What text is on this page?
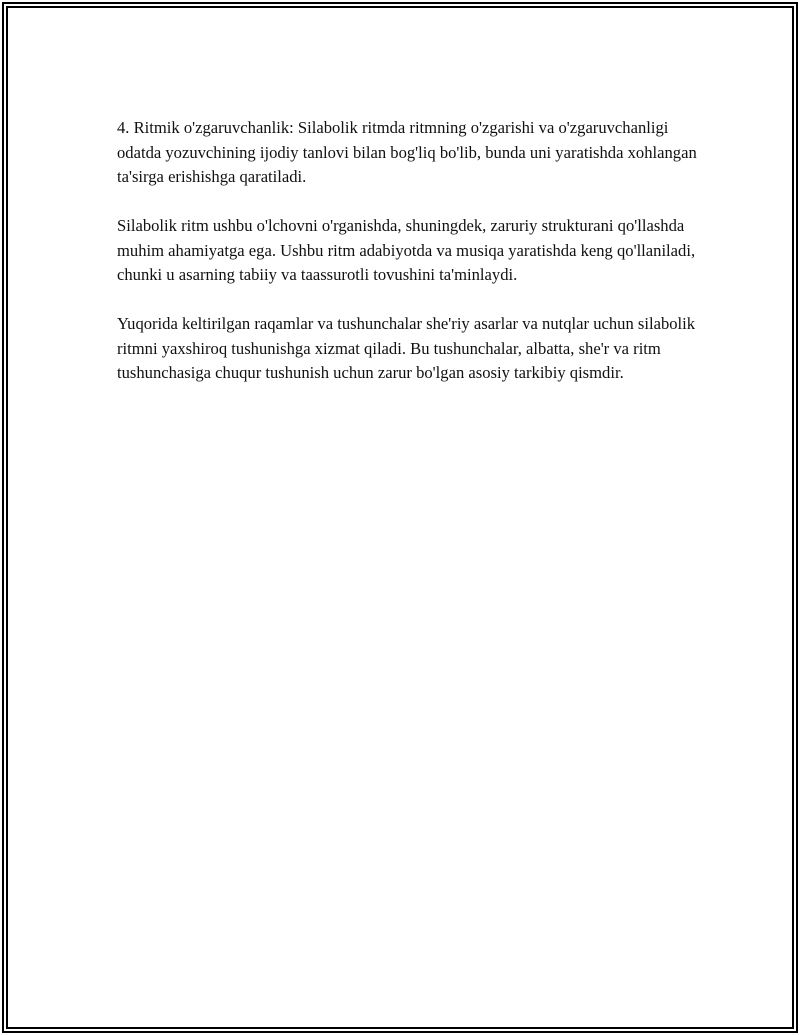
4. Ritmik o'zgaruvchanlik: Silabolik ritmda ritmning o'zgarishi va o'zgaruvchanligi odatda yozuvchining ijodiy tanlovi bilan bog'liq bo'lib, bunda uni yaratishda xohlangan ta'sirga erishishga qaratiladi.

Silabolik ritm ushbu o'lchovni o'rganishda, shuningdek, zaruriy strukturani qo'llashda muhim ahamiyatga ega. Ushbu ritm adabiyotda va musiqa yaratishda keng qo'llaniladi, chunki u asarning tabiiy va taassurotli tovushini ta'minlaydi.

Yuqorida keltirilgan raqamlar va tushunchalar she'riy asarlar va nutqlar uchun silabolik ritmni yaxshiroq tushunishga xizmat qiladi. Bu tushunchalar, albatta, she'r va ritm tushunchasiga chuqur tushunish uchun zarur bo'lgan asosiy tarkibiy qismdir.
